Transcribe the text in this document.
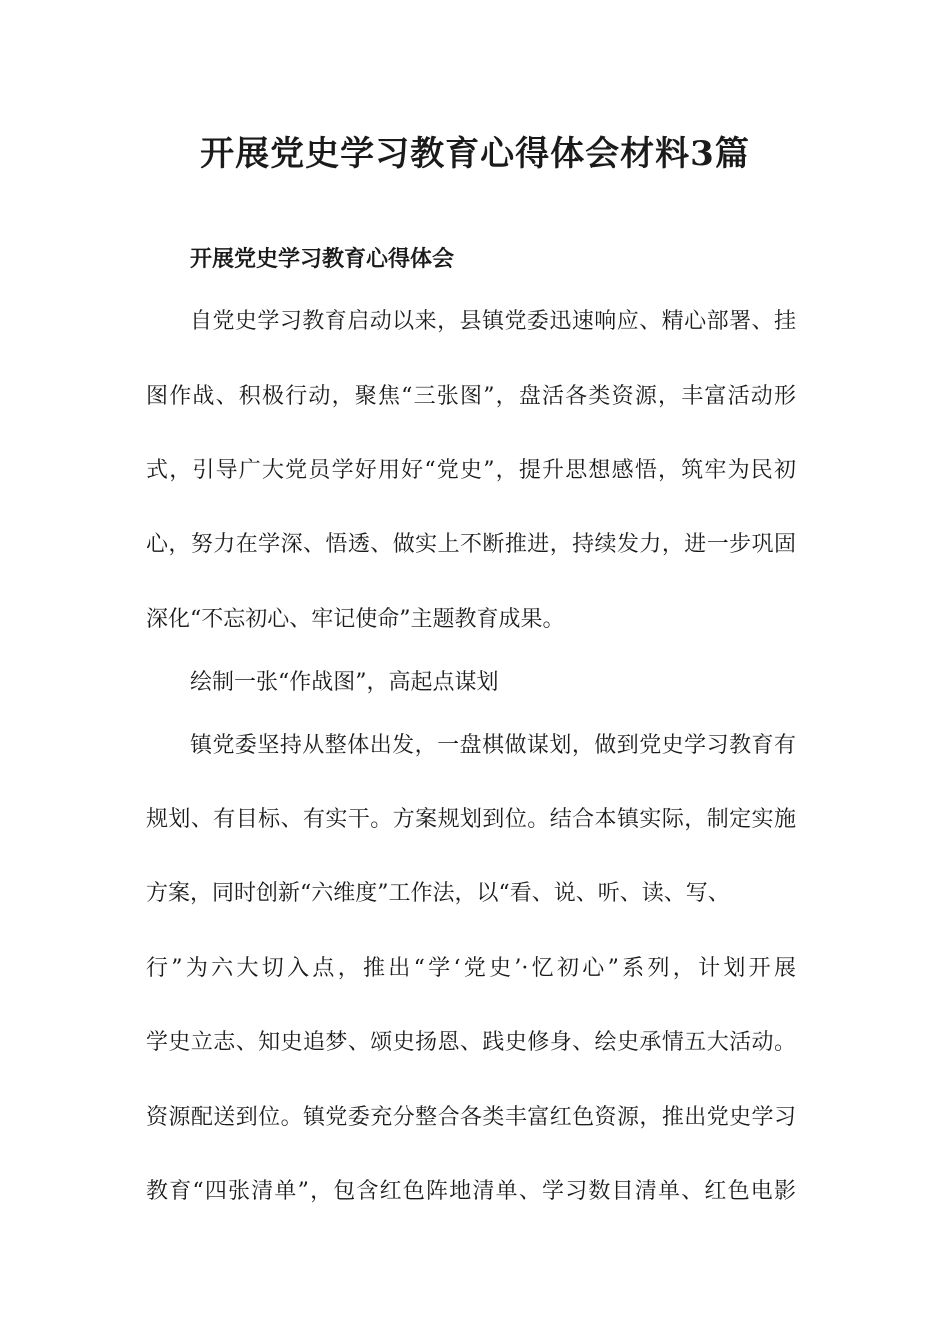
开展党史学习教育心得体会材料3篇
开展党史学习教育心得体会
自党史学习教育启动以来，县镇党委迅速响应、精心部署、挂
图作战、积极行动，聚焦“三张图”，盘活各类资源，丰富活动形
式，引导广大党员学好用好“党史”，提升思想感悟，筑牢为民初
心，努力在学深、悟透、做实上不断推进，持续发力，进一步巩固
深化“不忘初心、牢记使命”主题教育成果。
绘制一张“作战图”，高起点谋划
镇党委坚持从整体出发，一盘棋做谋划，做到党史学习教育有
规划、有目标、有实干。方案规划到位。结合本镇实际，制定实施
方案，同时创新“六维度”工作法，以“看、说、听、读、写、
行”为六大切入点，推出“学‘党史’·忆初心”系列，计划开展
学史立志、知史追梦、颂史扬恩、践史修身、绘史承情五大活动。
资源配送到位。镇党委充分整合各类丰富红色资源，推出党史学习
教育“四张清单”，包含红色阵地清单、学习数目清单、红色电影
